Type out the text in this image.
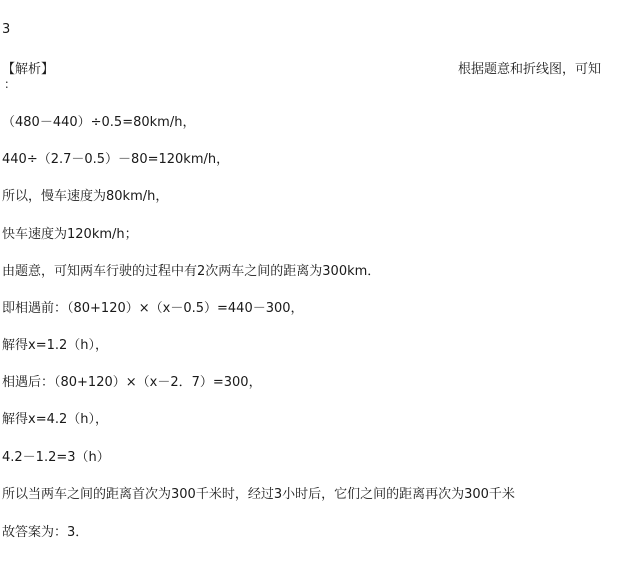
3
【解析】	根据题意和折线图，可知
：
（480－440）÷0.5=80km/h，
440÷（2.7－0.5）－80=120km/h，
所以，慢车速度为80km/h，
快车速度为120km/h；
由题意，可知两车行驶的过程中有2次两车之间的距离为300km．
即相遇前：（80+120）×（x－0.5）=440－300，
解得x=1.2（h），
相遇后：（80+120）×（x－2．7）=300，
解得x=4.2（h），
4.2－1.2=3（h）
所以当两车之间的距离首次为300千米时，经过3小时后，它们之间的距离再次为300千米
故答案为：3．
